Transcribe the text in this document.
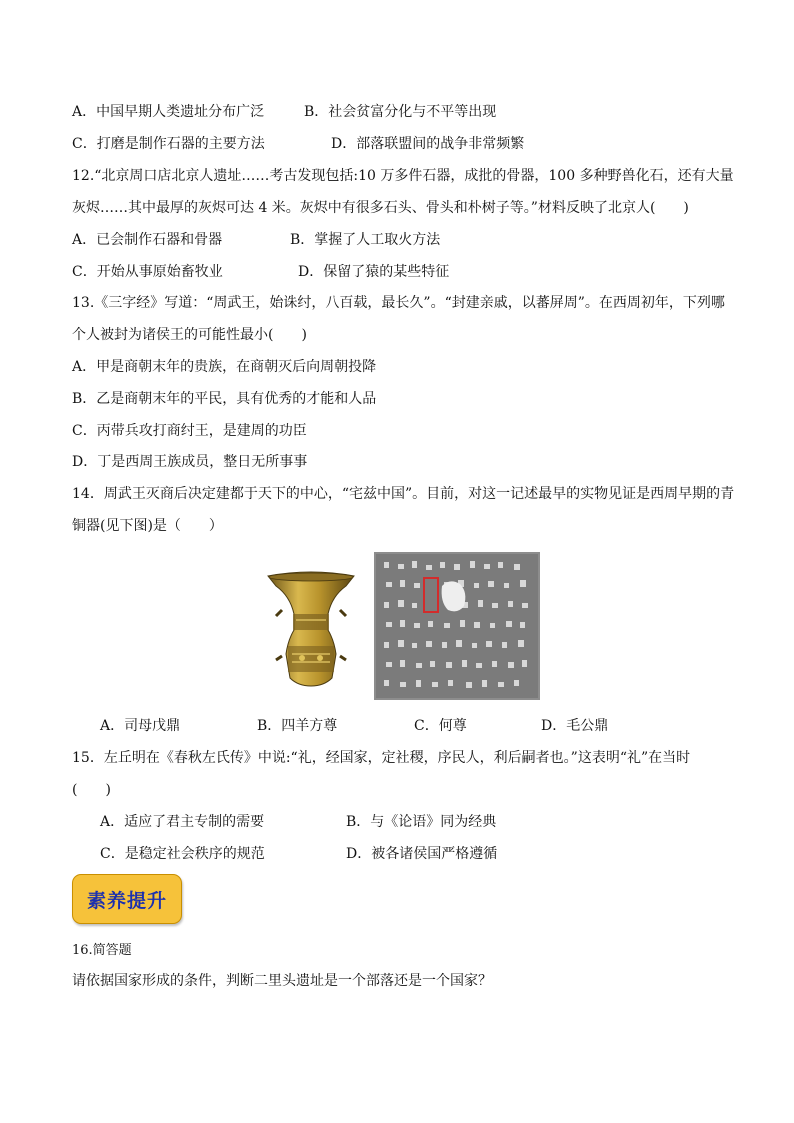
A．中国早期人类遗址分布广泛	B．社会贫富分化与不平等出现
C．打磨是制作石器的主要方法	D．部落联盟间的战争非常频繁
12.“北京周口店北京人遗址……考古发现包括:10 万多件石器，成批的骨器，100 多种野兽化石，还有大量
灰烬……其中最厚的灰烬可达 4 米。灰烬中有很多石头、骨头和朴树子等。”材料反映了北京人(　　)
A．已会制作石器和骨器	B．掌握了人工取火方法
C．开始从事原始畜牧业	D．保留了猿的某些特征
13.《三字经》写道：“周武王，始诛纣，八百载，最长久”。“封建亲戚，以蕃屏周”。在西周初年，下列哪
个人被封为诸侯王的可能性最小(　　)
A．甲是商朝末年的贵族，在商朝灭后向周朝投降
B．乙是商朝末年的平民，具有优秀的才能和人品
C．丙带兵攻打商纣王，是建周的功臣
D．丁是西周王族成员，整日无所事事
14．周武王灭商后决定建都于天下的中心，“宅兹中国”。目前，对这一记述最早的实物见证是西周早期的青
铜器(见下图)是（　　）
A．司母戊鼎	B．四羊方尊	C．何尊	D．毛公鼎
15．左丘明在《春秋左氏传》中说:“礼，经国家，定社稷，序民人，利后嗣者也。”这表明“礼”在当时
(　　)
A．适应了君主专制的需要	B．与《论语》同为经典
C．是稳定社会秩序的规范	D．被各诸侯国严格遵循
素养提升
16.简答题
请依据国家形成的条件，判断二里头遗址是一个部落还是一个国家？
